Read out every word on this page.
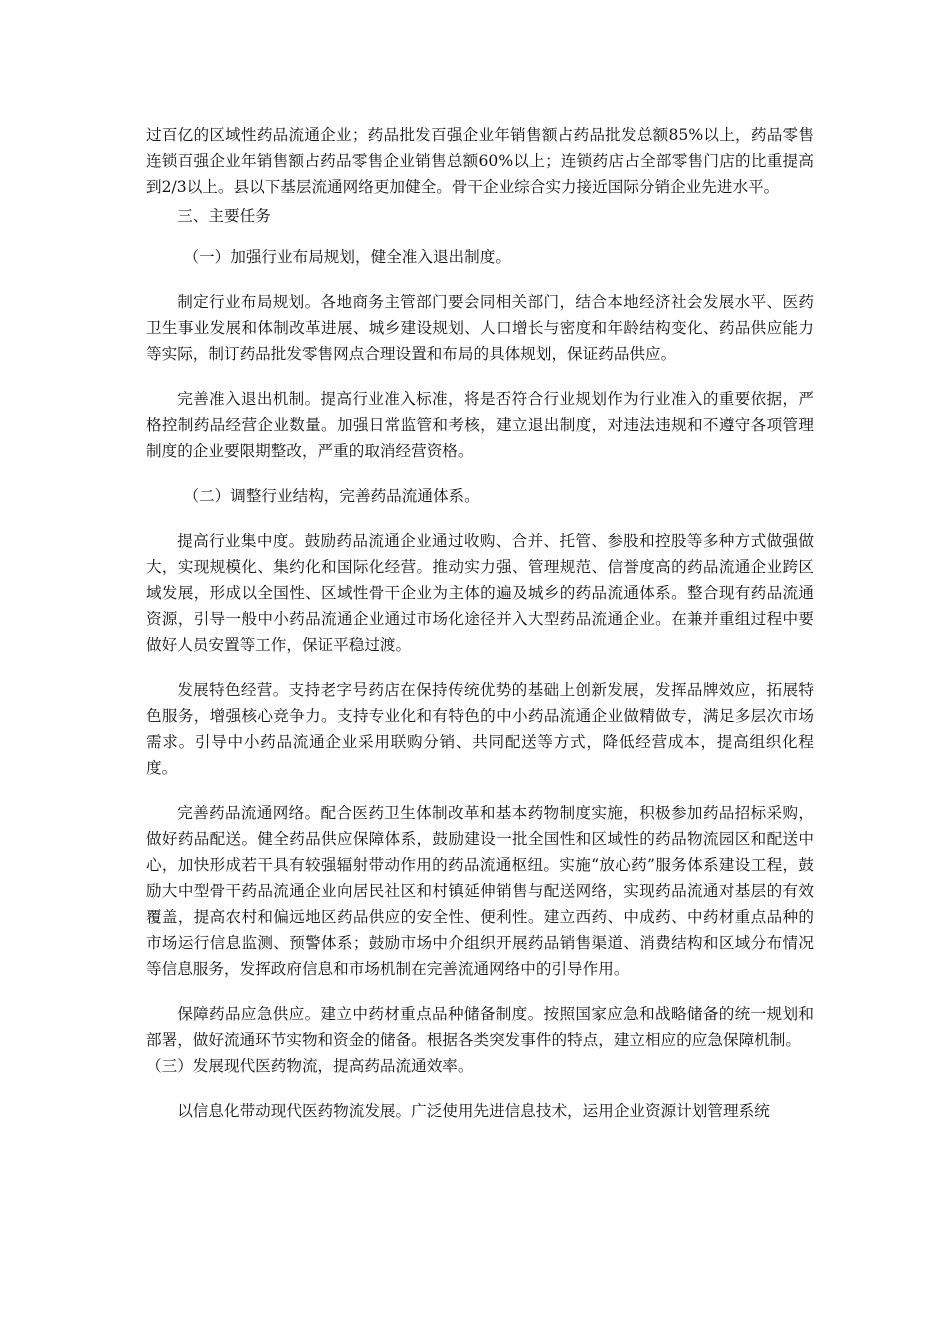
过百亿的区域性药品流通企业；药品批发百强企业年销售额占药品批发总额85%以上，药品零售连锁百强企业年销售额占药品零售企业销售总额60%以上；连锁药店占全部零售门店的比重提高到2/3以上。县以下基层流通网络更加健全。骨干企业综合实力接近国际分销企业先进水平。

三、主要任务

（一）加强行业布局规划，健全准入退出制度。

制定行业布局规划。各地商务主管部门要会同相关部门，结合本地经济社会发展水平、医药卫生事业发展和体制改革进展、城乡建设规划、人口增长与密度和年龄结构变化、药品供应能力等实际，制订药品批发零售网点合理设置和布局的具体规划，保证药品供应。

完善准入退出机制。提高行业准入标准，将是否符合行业规划作为行业准入的重要依据，严格控制药品经营企业数量。加强日常监管和考核，建立退出制度，对违法违规和不遵守各项管理制度的企业要限期整改，严重的取消经营资格。

（二）调整行业结构，完善药品流通体系。

提高行业集中度。鼓励药品流通企业通过收购、合并、托管、参股和控股等多种方式做强做大，实现规模化、集约化和国际化经营。推动实力强、管理规范、信誉度高的药品流通企业跨区域发展，形成以全国性、区域性骨干企业为主体的遍及城乡的药品流通体系。整合现有药品流通资源，引导一般中小药品流通企业通过市场化途径并入大型药品流通企业。在兼并重组过程中要做好人员安置等工作，保证平稳过渡。

发展特色经营。支持老字号药店在保持传统优势的基础上创新发展，发挥品牌效应，拓展特色服务，增强核心竞争力。支持专业化和有特色的中小药品流通企业做精做专，满足多层次市场需求。引导中小药品流通企业采用联购分销、共同配送等方式，降低经营成本，提高组织化程度。

完善药品流通网络。配合医药卫生体制改革和基本药物制度实施，积极参加药品招标采购，做好药品配送。健全药品供应保障体系，鼓励建设一批全国性和区域性的药品物流园区和配送中心，加快形成若干具有较强辐射带动作用的药品流通枢纽。实施“放心药”服务体系建设工程，鼓励大中型骨干药品流通企业向居民社区和村镇延伸销售与配送网络，实现药品流通对基层的有效覆盖，提高农村和偏远地区药品供应的安全性、便利性。建立西药、中成药、中药材重点品种的市场运行信息监测、预警体系；鼓励市场中介组织开展药品销售渠道、消费结构和区域分布情况等信息服务，发挥政府信息和市场机制在完善流通网络中的引导作用。

保障药品应急供应。建立中药材重点品种储备制度。按照国家应急和战略储备的统一规划和部署，做好流通环节实物和资金的储备。根据各类突发事件的特点，建立相应的应急保障机制。

（三）发展现代医药物流，提高药品流通效率。

以信息化带动现代医药物流发展。广泛使用先进信息技术，运用企业资源计划管理系统
